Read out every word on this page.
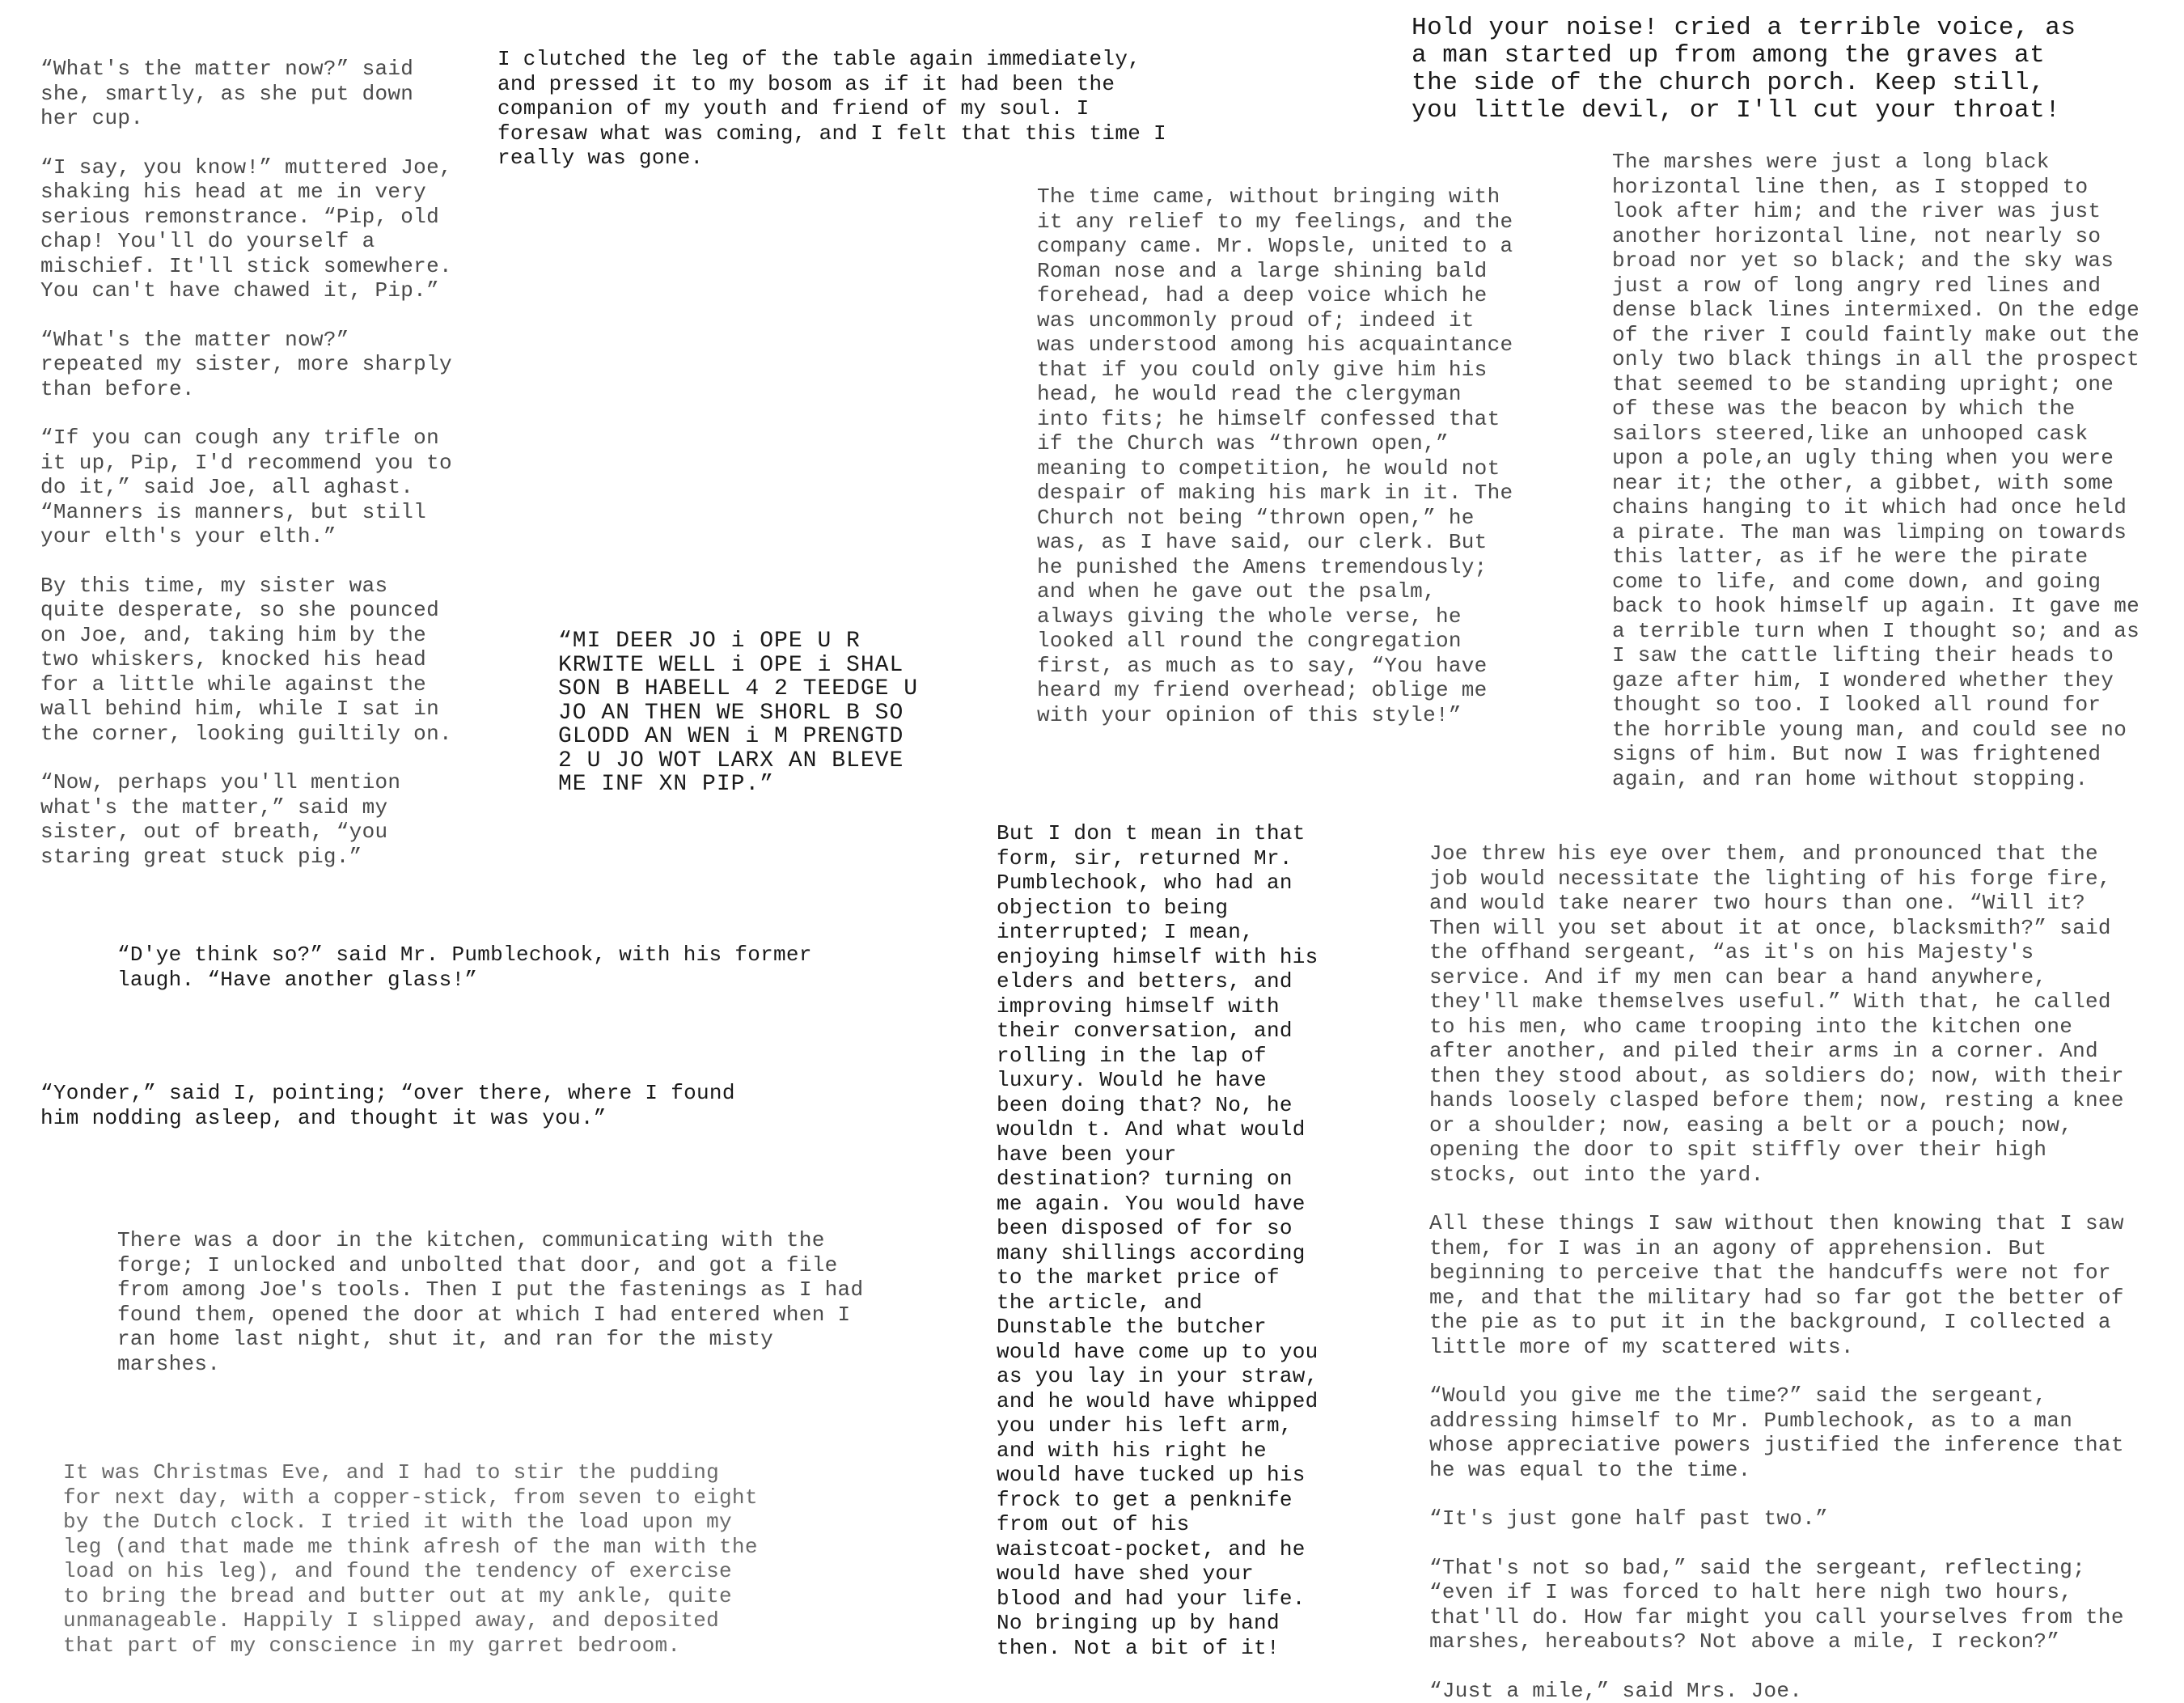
“What's the matter now?” said she, smartly, as she put down her cup.

“I say, you know!” muttered Joe, shaking his head at me in very serious remonstrance. “Pip, old chap! You'll do yourself a mischief. It'll stick somewhere. You can't have chawed it, Pip.”

“What's the matter now?” repeated my sister, more sharply than before.

“If you can cough any trifle on it up, Pip, I'd recommend you to do it,” said Joe, all aghast. “Manners is manners, but still your elth's your elth.”

By this time, my sister was quite desperate, so she pounced on Joe, and, taking him by the two whiskers, knocked his head for a little while against the wall behind him, while I sat in the corner, looking guiltily on.

“Now, perhaps you'll mention what's the matter,” said my sister, out of breath, “you staring great stuck pig.”

I clutched the leg of the table again immediately, and pressed it to my bosom as if it had been the companion of my youth and friend of my soul. I foresaw what was coming, and I felt that this time I really was gone.

“MI DEER JO i OPE U R KRWITE WELL i OPE i SHAL SON B HABELL 4 2 TEEDGE U JO AN THEN WE SHORL B SO GLODD AN WEN i M PRENGTD 2 U JO WOT LARX AN BLEVE ME INF XN PIP.”

“D'ye think so?” said Mr. Pumblechook, with his former laugh. “Have another glass!”

“Yonder,” said I, pointing; “over there, where I found him nodding asleep, and thought it was you.”

There was a door in the kitchen, communicating with the forge; I unlocked and unbolted that door, and got a file from among Joe's tools. Then I put the fastenings as I had found them, opened the door at which I had entered when I ran home last night, shut it, and ran for the misty marshes.

It was Christmas Eve, and I had to stir the pudding for next day, with a copper-stick, from seven to eight by the Dutch clock. I tried it with the load upon my leg (and that made me think afresh of the man with the load on his leg), and found the tendency of exercise to bring the bread and butter out at my ankle, quite unmanageable. Happily I slipped away, and deposited that part of my conscience in my garret bedroom.

The time came, without bringing with it any relief to my feelings, and the company came. Mr. Wopsle, united to a Roman nose and a large shining bald forehead, had a deep voice which he was uncommonly proud of; indeed it was understood among his acquaintance that if you could only give him his head, he would read the clergyman into fits; he himself confessed that if the Church was “thrown open,” meaning to competition, he would not despair of making his mark in it. The Church not being “thrown open,” he was, as I have said, our clerk. But he punished the Amens tremendously; and when he gave out the psalm, always giving the whole verse, he looked all round the congregation first, as much as to say, “You have heard my friend overhead; oblige me with your opinion of this style!”

But I don t mean in that form, sir, returned Mr. Pumblechook, who had an objection to being interrupted; I mean, enjoying himself with his elders and betters, and improving himself with their conversation, and rolling in the lap of luxury. Would he have been doing that? No, he wouldn t. And what would have been your destination? turning on me again. You would have been disposed of for so many shillings according to the market price of the article, and Dunstable the butcher would have come up to you as you lay in your straw, and he would have whipped you under his left arm, and with his right he would have tucked up his frock to get a penknife from out of his waistcoat-pocket, and he would have shed your blood and had your life. No bringing up by hand then. Not a bit of it!

Hold your noise! cried a terrible voice, as a man started up from among the graves at the side of the church porch. Keep still, you little devil, or I'll cut your throat!

The marshes were just a long black horizontal line then, as I stopped to look after him; and the river was just another horizontal line, not nearly so broad nor yet so black; and the sky was just a row of long angry red lines and dense black lines intermixed. On the edge of the river I could faintly make out the only two black things in all the prospect that seemed to be standing upright; one of these was the beacon by which the sailors steered,like an unhooped cask upon a pole,an ugly thing when you were near it; the other, a gibbet, with some chains hanging to it which had once held a pirate. The man was limping on towards this latter, as if he were the pirate come to life, and come down, and going back to hook himself up again. It gave me a terrible turn when I thought so; and as I saw the cattle lifting their heads to gaze after him, I wondered whether they thought so too. I looked all round for the horrible young man, and could see no signs of him. But now I was frightened again, and ran home without stopping.

Joe threw his eye over them, and pronounced that the job would necessitate the lighting of his forge fire, and would take nearer two hours than one. “Will it? Then will you set about it at once, blacksmith?” said the offhand sergeant, “as it's on his Majesty's service. And if my men can bear a hand anywhere, they'll make themselves useful.” With that, he called to his men, who came trooping into the kitchen one after another, and piled their arms in a corner. And then they stood about, as soldiers do; now, with their hands loosely clasped before them; now, resting a knee or a shoulder; now, easing a belt or a pouch; now, opening the door to spit stiffly over their high stocks, out into the yard.

All these things I saw without then knowing that I saw them, for I was in an agony of apprehension. But beginning to perceive that the handcuffs were not for me, and that the military had so far got the better of the pie as to put it in the background, I collected a little more of my scattered wits.

“Would you give me the time?” said the sergeant, addressing himself to Mr. Pumblechook, as to a man whose appreciative powers justified the inference that he was equal to the time.

“It's just gone half past two.”

“That's not so bad,” said the sergeant, reflecting; “even if I was forced to halt here nigh two hours, that'll do. How far might you call yourselves from the marshes, hereabouts? Not above a mile, I reckon?”

“Just a mile,” said Mrs. Joe.
